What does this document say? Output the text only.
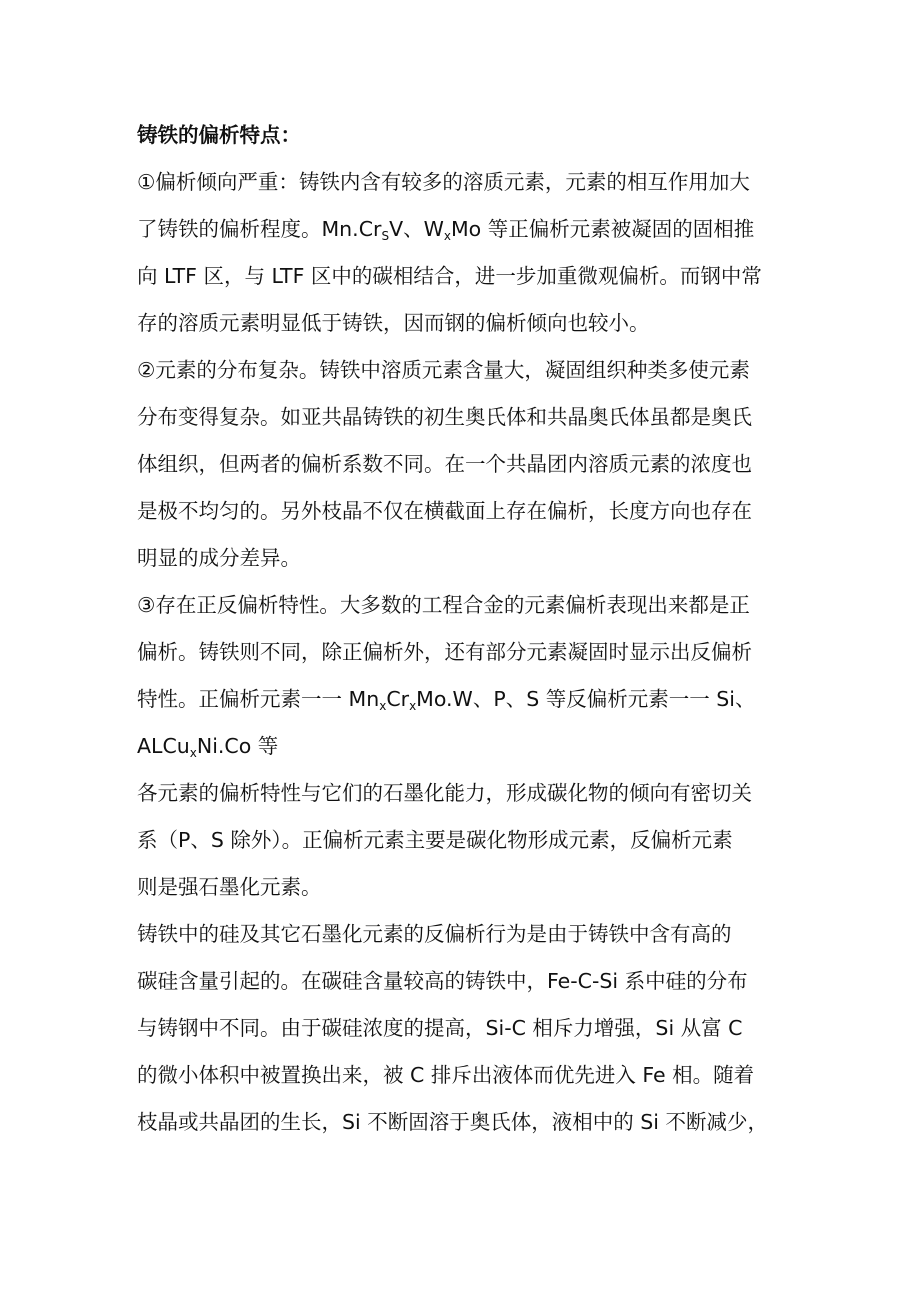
铸铁的偏析特点：
①偏析倾向严重：铸铁内含有较多的溶质元素，元素的相互作用加大
了铸铁的偏析程度。$Mn.Cr_SV$、$W_xMo$ 等正偏析元素被凝固的固相推
向 LTF 区，与 LTF 区中的碳相结合，进一步加重微观偏析。而钢中常
存的溶质元素明显低于铸铁，因而钢的偏析倾向也较小。
②元素的分布复杂。铸铁中溶质元素含量大，凝固组织种类多使元素
分布变得复杂。如亚共晶铸铁的初生奥氏体和共晶奥氏体虽都是奥氏
体组织，但两者的偏析系数不同。在一个共晶团内溶质元素的浓度也
是极不均匀的。另外枝晶不仅在横截面上存在偏析，长度方向也存在
明显的成分差异。
③存在正反偏析特性。大多数的工程合金的元素偏析表现出来都是正
偏析。铸铁则不同，除正偏析外，还有部分元素凝固时显示出反偏析
特性。正偏析元素一一 $Mn_xCr_xMo.W$、P、S 等反偏析元素一一 Si、
ALCu$_x$Ni.Co 等
各元素的偏析特性与它们的石墨化能力，形成碳化物的倾向有密切关
系（P、S 除外）。正偏析元素主要是碳化物形成元素，反偏析元素
则是强石墨化元素。
铸铁中的硅及其它石墨化元素的反偏析行为是由于铸铁中含有高的
碳硅含量引起的。在碳硅含量较高的铸铁中，Fe-C-Si 系中硅的分布
与铸钢中不同。由于碳硅浓度的提高，Si-C 相斥力增强，Si 从富 C
的微小体积中被置换出来，被 C 排斥出液体而优先进入 Fe 相。随着
枝晶或共晶团的生长，Si 不断固溶于奥氏体，液相中的 Si 不断减少，
